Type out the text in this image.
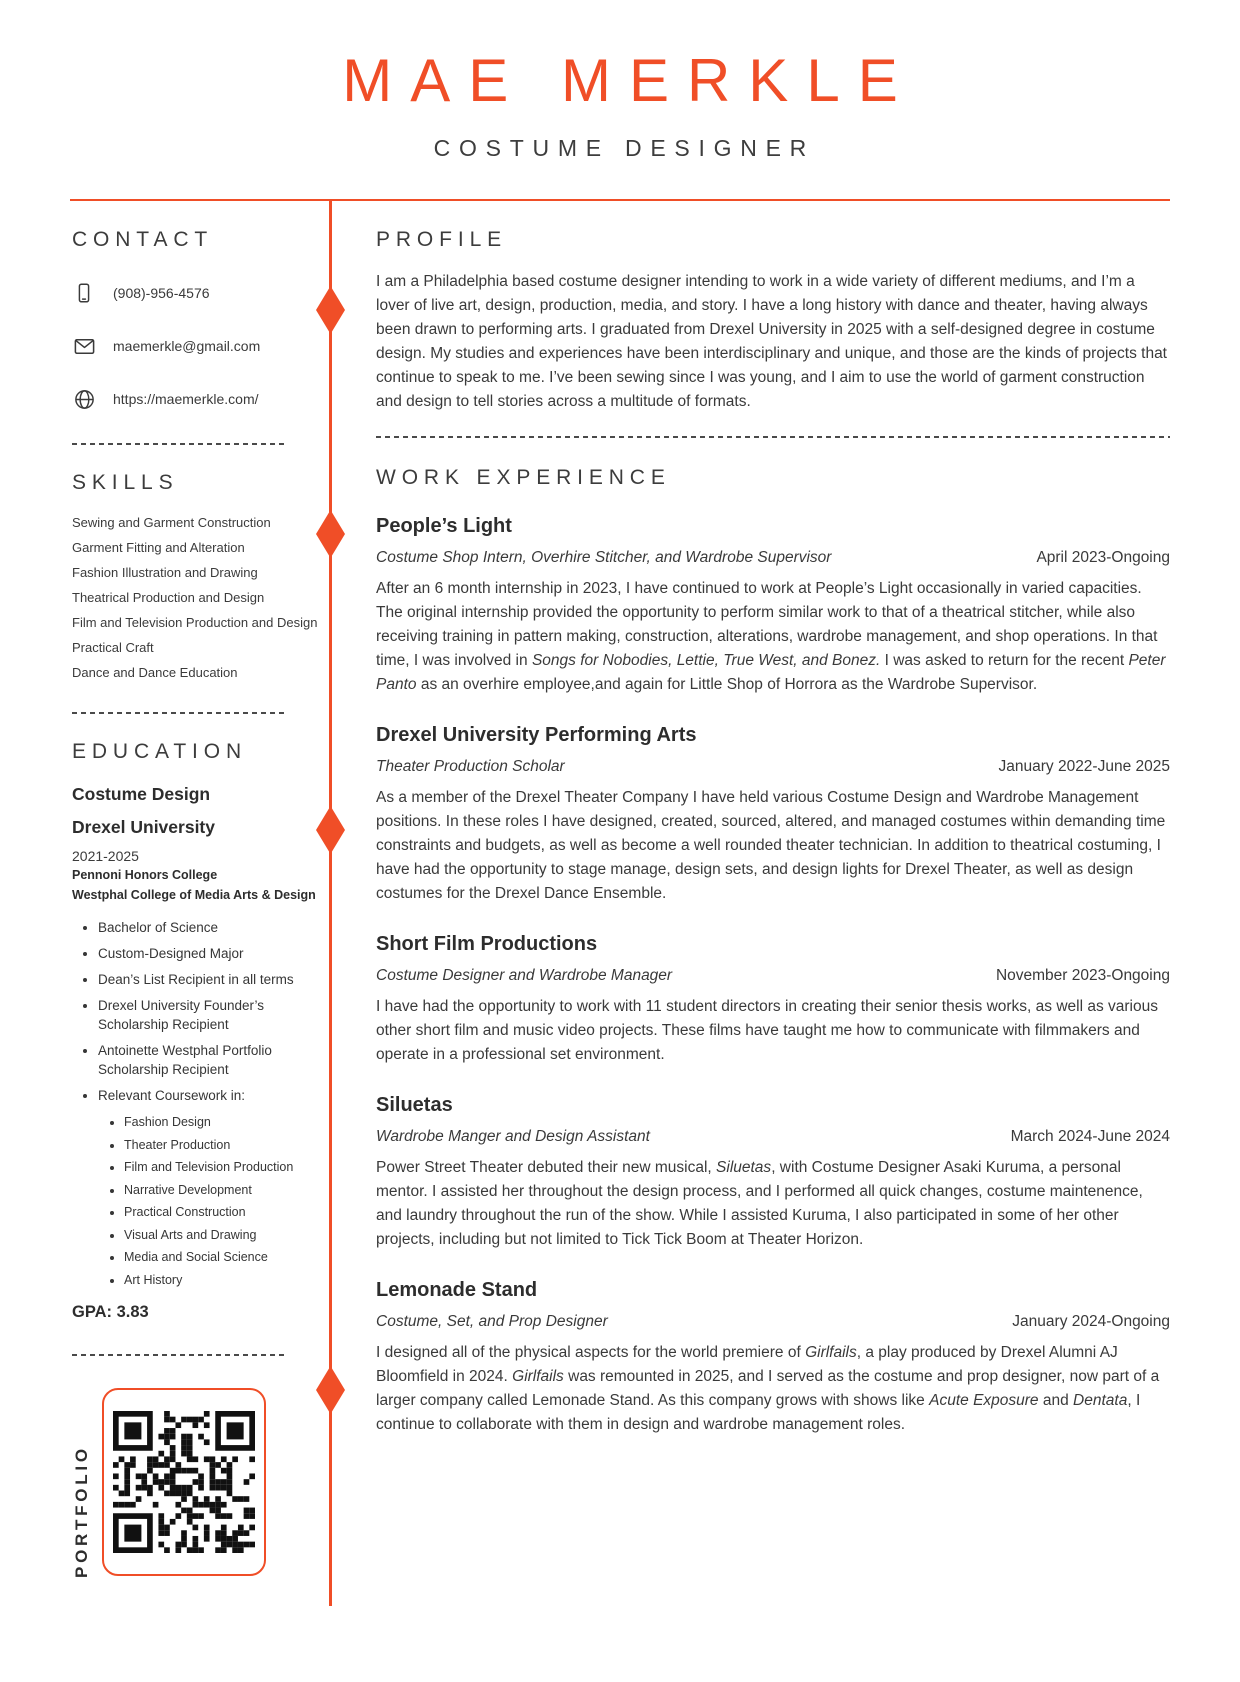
MAE MERKLE
COSTUME DESIGNER
CONTACT
(908)-956-4576
maemerkle@gmail.com
https://maemerkle.com/
SKILLS
Sewing and Garment Construction
Garment Fitting and Alteration
Fashion Illustration and Drawing
Theatrical Production and Design
Film and Television Production and Design
Practical Craft
Dance and Dance Education
EDUCATION
Costume Design
Drexel University
2021-2025
Pennoni Honors College
Westphal College of Media Arts & Design
• Bachelor of Science
• Custom-Designed Major
• Dean’s List Recipient in all terms
• Drexel University Founder’s Scholarship Recipient
• Antoinette Westphal Portfolio Scholarship Recipient
• Relevant Coursework in:
• Fashion Design
• Theater Production
• Film and Television Production
• Narrative Development
• Practical Construction
• Visual Arts and Drawing
• Media and Social Science
• Art History
GPA: 3.83
PORTFOLIO
PROFILE

I am a Philadelphia based costume designer intending to work in a wide variety of different mediums, and I’m a lover of live art, design, production, media, and story. I have a long history with dance and theater, having always been drawn to performing arts. I graduated from Drexel University in 2025 with a self-designed degree in costume design. My studies and experiences have been interdisciplinary and unique, and those are the kinds of projects that continue to speak to me. I’ve been sewing since I was young, and I aim to use the world of garment construction and design to tell stories across a multitude of formats.

WORK EXPERIENCE
People’s Light
Costume Shop Intern, Overhire Stitcher, and Wardrobe Supervisor	April 2023-Ongoing

After an 6 month internship in 2023, I have continued to work at People’s Light occasionally in varied capacities. The original internship provided the opportunity to perform similar work to that of a theatrical stitcher, while also receiving training in pattern making, construction, alterations, wardrobe management, and shop operations. In that time, I was involved in Songs for Nobodies, Lettie, True West, and Bonez. I was asked to return for the recent Peter Panto as an overhire employee,and again for Little Shop of Horrora as the Wardrobe Supervisor.

Drexel University Performing Arts
Theater Production Scholar	January 2022-June 2025

As a member of the Drexel Theater Company I have held various Costume Design and Wardrobe Management positions. In these roles I have designed, created, sourced, altered, and managed costumes within demanding time constraints and budgets, as well as become a well rounded theater technician. In addition to theatrical costuming, I have had the opportunity to stage manage, design sets, and design lights for Drexel Theater, as well as design costumes for the Drexel Dance Ensemble.

Short Film Productions
Costume Designer and Wardrobe Manager	November 2023-Ongoing

I have had the opportunity to work with 11 student directors in creating their senior thesis works, as well as various other short film and music video projects. These films have taught me how to communicate with filmmakers and operate in a professional set environment.

Siluetas
Wardrobe Manger and Design Assistant	March 2024-June 2024

Power Street Theater debuted their new musical, Siluetas, with Costume Designer Asaki Kuruma, a personal mentor. I assisted her throughout the design process, and I performed all quick changes, costume maintenence, and laundry throughout the run of the show. While I assisted Kuruma, I also participated in some of her other projects, including but not limited to Tick Tick Boom at Theater Horizon.

Lemonade Stand
Costume, Set, and Prop Designer	January 2024-Ongoing

I designed all of the physical aspects for the world premiere of Girlfails, a play produced by Drexel Alumni AJ Bloomfield in 2024. Girlfails was remounted in 2025, and I served as the costume and prop designer, now part of a larger company called Lemonade Stand. As this company grows with shows like Acute Exposure and Dentata, I continue to collaborate with them in design and wardrobe management roles.
